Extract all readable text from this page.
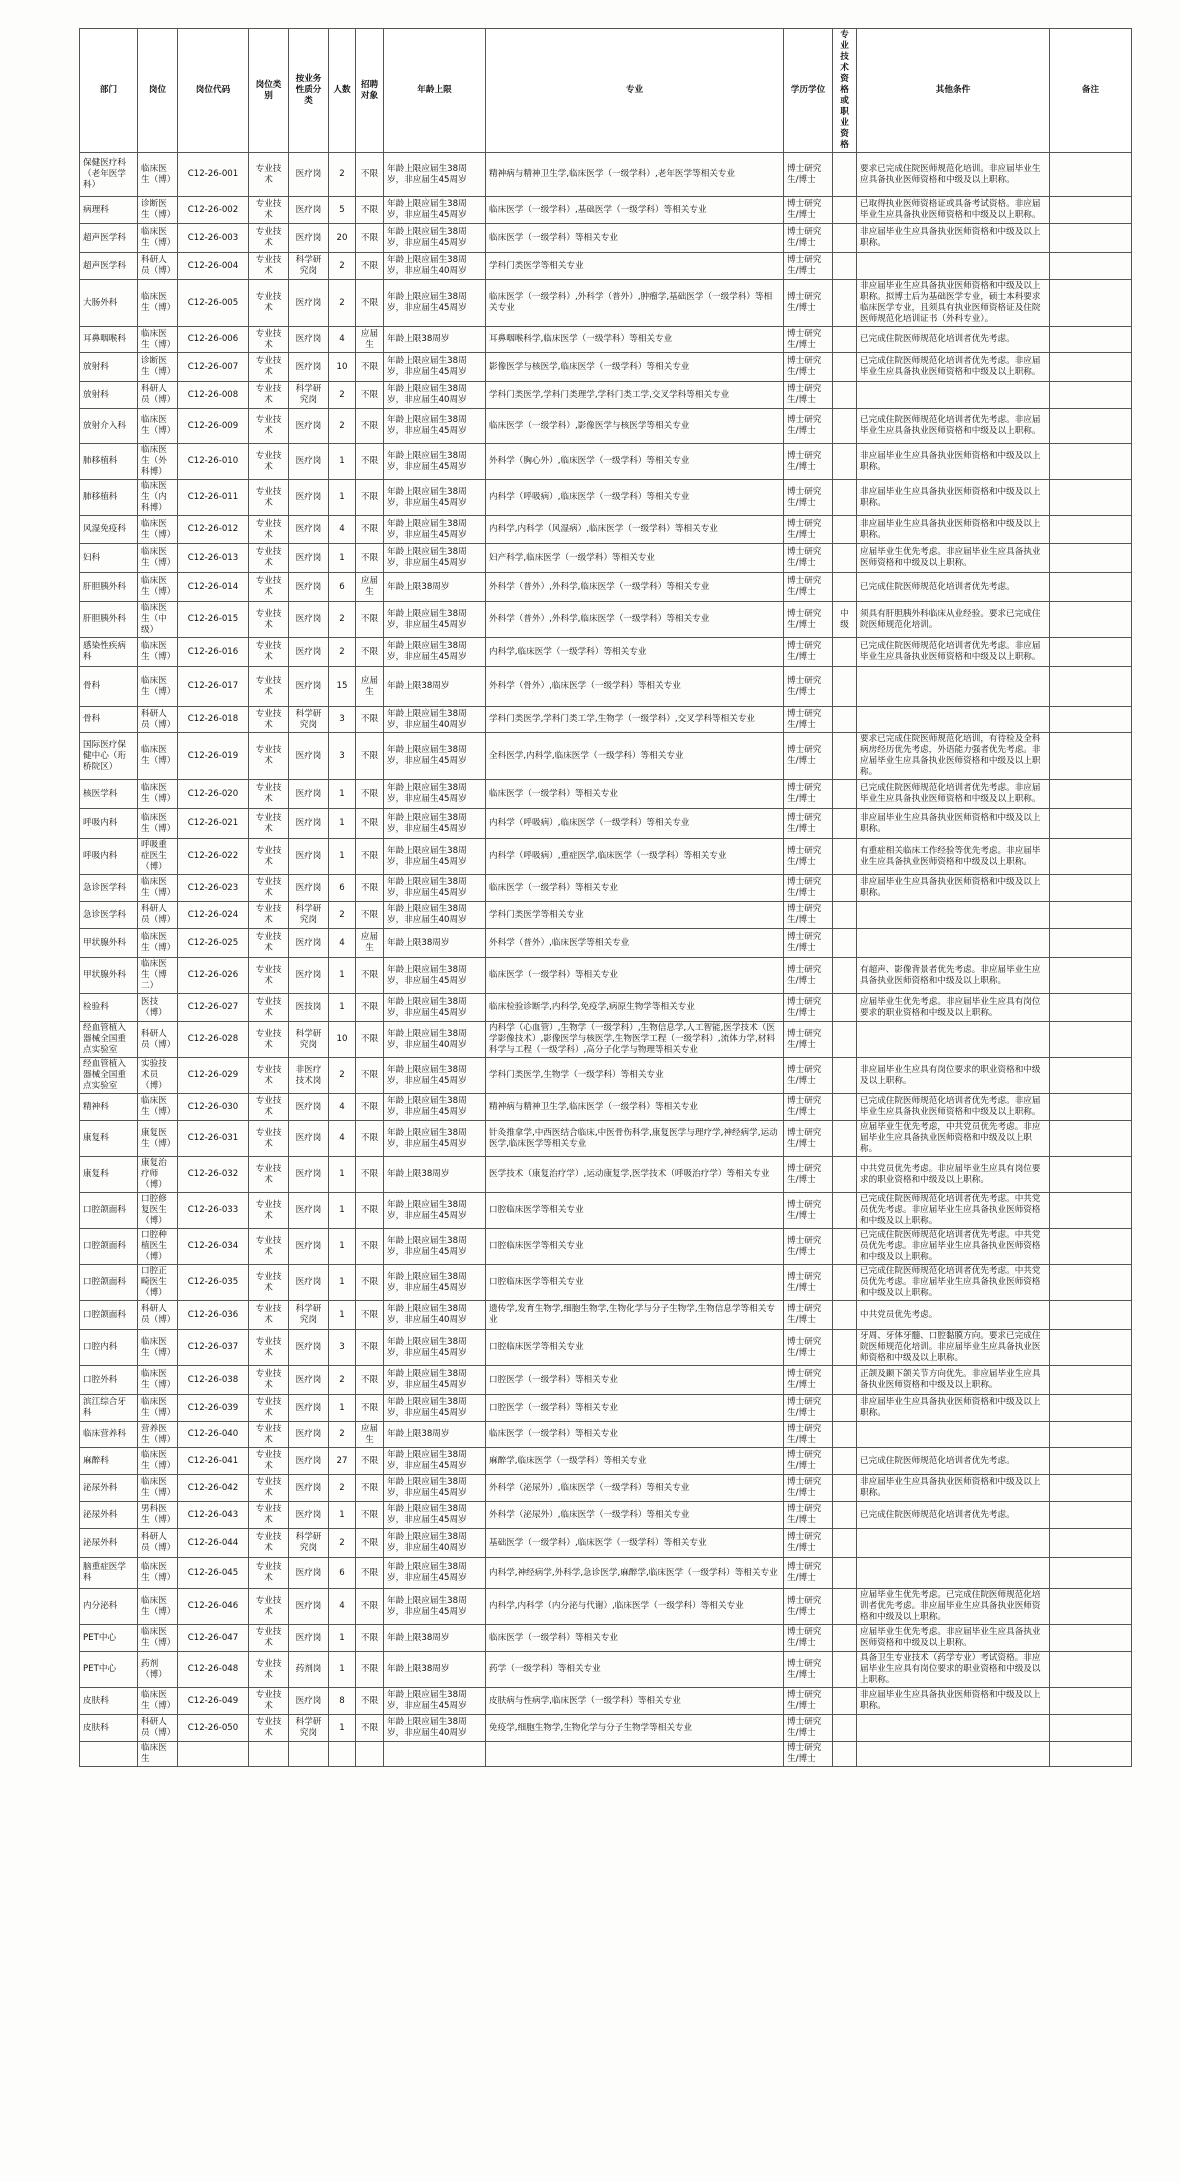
部门	岗位	岗位代码	岗位类别	按业务性质分类	人数	招聘对象	年龄上限	专业	学历学位	专业技术资格或职业资格	其他条件	备注
保健医疗科（老年医学科）	临床医生（博）	C12-26-001	专业技术	医疗岗	2	不限	年龄上限应届生38周岁，非应届生45周岁	精神病与精神卫生学,临床医学（一级学科）,老年医学等相关专业	博士研究生/博士		要求已完成住院医师规范化培训。非应届毕业生应具备执业医师资格和中级及以上职称。	
病理科	诊断医生（博）	C12-26-002	专业技术	医疗岗	5	不限	年龄上限应届生38周岁，非应届生45周岁	临床医学（一级学科）,基础医学（一级学科）等相关专业	博士研究生/博士		已取得执业医师资格证或具备考试资格。非应届毕业生应具备执业医师资格和中级及以上职称。	
超声医学科	临床医生（博）	C12-26-003	专业技术	医疗岗	20	不限	年龄上限应届生38周岁，非应届生45周岁	临床医学（一级学科）等相关专业	博士研究生/博士		非应届毕业生应具备执业医师资格和中级及以上职称。	
超声医学科	科研人员（博）	C12-26-004	专业技术	科学研究岗	2	不限	年龄上限应届生38周岁，非应届生40周岁	学科门类医学等相关专业	博士研究生/博士			
大肠外科	临床医生（博）	C12-26-005	专业技术	医疗岗	2	不限	年龄上限应届生38周岁，非应届生45周岁	临床医学（一级学科）,外科学（普外）,肿瘤学,基础医学（一级学科）等相关专业	博士研究生/博士		非应届毕业生应具备执业医师资格和中级及以上职称。拟博士后为基础医学专业，硕士本科要求临床医学专业，且须具有执业医师资格证及住院医师规范化培训证书（外科专业）。	
耳鼻咽喉科	临床医生（博）	C12-26-006	专业技术	医疗岗	4	应届生	年龄上限38周岁	耳鼻咽喉科学,临床医学（一级学科）等相关专业	博士研究生/博士		已完成住院医师规范化培训者优先考虑。	
放射科	诊断医生（博）	C12-26-007	专业技术	医疗岗	10	不限	年龄上限应届生38周岁，非应届生45周岁	影像医学与核医学,临床医学（一级学科）等相关专业	博士研究生/博士		已完成住院医师规范化培训者优先考虑。非应届毕业生应具备执业医师资格和中级及以上职称。	
放射科	科研人员（博）	C12-26-008	专业技术	科学研究岗	2	不限	年龄上限应届生38周岁，非应届生40周岁	学科门类医学,学科门类理学,学科门类工学,交叉学科等相关专业	博士研究生/博士			
放射介入科	临床医生（博）	C12-26-009	专业技术	医疗岗	2	不限	年龄上限应届生38周岁，非应届生45周岁	临床医学（一级学科）,影像医学与核医学等相关专业	博士研究生/博士		已完成住院医师规范化培训者优先考虑。非应届毕业生应具备执业医师资格和中级及以上职称。	
肺移植科	临床医生（外科博）	C12-26-010	专业技术	医疗岗	1	不限	年龄上限应届生38周岁，非应届生45周岁	外科学（胸心外）,临床医学（一级学科）等相关专业	博士研究生/博士		非应届毕业生应具备执业医师资格和中级及以上职称。	
肺移植科	临床医生（内科博）	C12-26-011	专业技术	医疗岗	1	不限	年龄上限应届生38周岁，非应届生45周岁	内科学（呼吸病）,临床医学（一级学科）等相关专业	博士研究生/博士		非应届毕业生应具备执业医师资格和中级及以上职称。	
风湿免疫科	临床医生（博）	C12-26-012	专业技术	医疗岗	4	不限	年龄上限应届生38周岁，非应届生45周岁	内科学,内科学（风湿病）,临床医学（一级学科）等相关专业	博士研究生/博士		非应届毕业生应具备执业医师资格和中级及以上职称。	
妇科	临床医生（博）	C12-26-013	专业技术	医疗岗	1	不限	年龄上限应届生38周岁，非应届生45周岁	妇产科学,临床医学（一级学科）等相关专业	博士研究生/博士		应届毕业生优先考虑。非应届毕业生应具备执业医师资格和中级及以上职称。	
肝胆胰外科	临床医生（博）	C12-26-014	专业技术	医疗岗	6	应届生	年龄上限38周岁	外科学（普外）,外科学,临床医学（一级学科）等相关专业	博士研究生/博士		已完成住院医师规范化培训者优先考虑。	
肝胆胰外科	临床医生（中级）	C12-26-015	专业技术	医疗岗	2	不限	年龄上限应届生38周岁，非应届生45周岁	外科学（普外）,外科学,临床医学（一级学科）等相关专业	博士研究生/博士	中级	须具有肝胆胰外科临床从业经验。要求已完成住院医师规范化培训。	
感染性疾病科	临床医生（博）	C12-26-016	专业技术	医疗岗	2	不限	年龄上限应届生38周岁，非应届生45周岁	内科学,临床医学（一级学科）等相关专业	博士研究生/博士		已完成住院医师规范化培训者优先考虑。非应届毕业生应具备执业医师资格和中级及以上职称。	
骨科	临床医生（博）	C12-26-017	专业技术	医疗岗	15	应届生	年龄上限38周岁	外科学（骨外）,临床医学（一级学科）等相关专业	博士研究生/博士			
骨科	科研人员（博）	C12-26-018	专业技术	科学研究岗	3	不限	年龄上限应届生38周岁，非应届生40周岁	学科门类医学,学科门类工学,生物学（一级学科）,交叉学科等相关专业	博士研究生/博士			
国际医疗保健中心（珩桥院区）	临床医生（博）	C12-26-019	专业技术	医疗岗	3	不限	年龄上限应届生38周岁，非应届生45周岁	全科医学,内科学,临床医学（一级学科）等相关专业	博士研究生/博士		要求已完成住院医师规范化培训，有待检及全科病房经历优先考虑，外语能力强者优先考虑。非应届毕业生应具备执业医师资格和中级及以上职称。	
核医学科	临床医生（博）	C12-26-020	专业技术	医疗岗	1	不限	年龄上限应届生38周岁，非应届生45周岁	临床医学（一级学科）等相关专业	博士研究生/博士		已完成住院医师规范化培训者优先考虑。非应届毕业生应具备执业医师资格和中级及以上职称。	
呼吸内科	临床医生（博）	C12-26-021	专业技术	医疗岗	1	不限	年龄上限应届生38周岁，非应届生45周岁	内科学（呼吸病）,临床医学（一级学科）等相关专业	博士研究生/博士		非应届毕业生应具备执业医师资格和中级及以上职称。	
呼吸内科	呼吸重症医生（博）	C12-26-022	专业技术	医疗岗	1	不限	年龄上限应届生38周岁，非应届生45周岁	内科学（呼吸病）,重症医学,临床医学（一级学科）等相关专业	博士研究生/博士		有重症相关临床工作经验等优先考虑。非应届毕业生应具备执业医师资格和中级及以上职称。	
急诊医学科	临床医生（博）	C12-26-023	专业技术	医疗岗	6	不限	年龄上限应届生38周岁，非应届生45周岁	临床医学（一级学科）等相关专业	博士研究生/博士		非应届毕业生应具备执业医师资格和中级及以上职称。	
急诊医学科	科研人员（博）	C12-26-024	专业技术	科学研究岗	2	不限	年龄上限应届生38周岁，非应届生40周岁	学科门类医学等相关专业	博士研究生/博士			
甲状腺外科	临床医生（博）	C12-26-025	专业技术	医疗岗	4	应届生	年龄上限38周岁	外科学（普外）,临床医学等相关专业	博士研究生/博士			
甲状腺外科	临床医生（博二）	C12-26-026	专业技术	医疗岗	1	不限	年龄上限应届生38周岁，非应届生45周岁	临床医学（一级学科）等相关专业	博士研究生/博士		有超声、影像背景者优先考虑。非应届毕业生应具备执业医师资格和中级及以上职称。	
检验科	医技（博）	C12-26-027	专业技术	医技岗	1	不限	年龄上限应届生38周岁，非应届生45周岁	临床检验诊断学,内科学,免疫学,病原生物学等相关专业	博士研究生/博士		应届毕业生优先考虑。非应届毕业生应具有岗位要求的职业资格和中级及以上职称。	
经血管植入器械全国重点实验室	科研人员（博）	C12-26-028	专业技术	科学研究岗	10	不限	年龄上限应届生38周岁，非应届生40周岁	内科学（心血管）,生物学（一级学科）,生物信息学,人工智能,医学技术（医学影像技术）,影像医学与核医学,生物医学工程（一级学科）,流体力学,材料科学与工程（一级学科）,高分子化学与物理等相关专业	博士研究生/博士			
经血管植入器械全国重点实验室	实验技术员（博）	C12-26-029	专业技术	非医疗技术岗	2	不限	年龄上限应届生38周岁，非应届生45周岁	学科门类医学,生物学（一级学科）等相关专业	博士研究生/博士		非应届毕业生应具有岗位要求的职业资格和中级及以上职称。	
精神科	临床医生（博）	C12-26-030	专业技术	医疗岗	4	不限	年龄上限应届生38周岁，非应届生45周岁	精神病与精神卫生学,临床医学（一级学科）等相关专业	博士研究生/博士		已完成住院医师规范化培训者优先考虑。非应届毕业生应具备执业医师资格和中级及以上职称。	
康复科	康复医生（博）	C12-26-031	专业技术	医疗岗	4	不限	年龄上限应届生38周岁，非应届生45周岁	针灸推拿学,中西医结合临床,中医骨伤科学,康复医学与理疗学,神经病学,运动医学,临床医学等相关专业	博士研究生/博士		应届毕业生优先考虑，中共党员优先考虑。非应届毕业生应具备执业医师资格和中级及以上职称。	
康复科	康复治疗师（博）	C12-26-032	专业技术	医疗岗	1	不限	年龄上限38周岁	医学技术（康复治疗学）,运动康复学,医学技术（呼吸治疗学）等相关专业	博士研究生/博士		中共党员优先考虑。非应届毕业生应具有岗位要求的职业资格和中级及以上职称。	
口腔颌面科	口腔修复医生（博）	C12-26-033	专业技术	医疗岗	1	不限	年龄上限应届生38周岁，非应届生45周岁	口腔临床医学等相关专业	博士研究生/博士		已完成住院医师规范化培训者优先考虑。中共党员优先考虑。非应届毕业生应具备执业医师资格和中级及以上职称。	
口腔颌面科	口腔种植医生（博）	C12-26-034	专业技术	医疗岗	1	不限	年龄上限应届生38周岁，非应届生45周岁	口腔临床医学等相关专业	博士研究生/博士		已完成住院医师规范化培训者优先考虑。中共党员优先考虑。非应届毕业生应具备执业医师资格和中级及以上职称。	
口腔颌面科	口腔正畸医生（博）	C12-26-035	专业技术	医疗岗	1	不限	年龄上限应届生38周岁，非应届生45周岁	口腔临床医学等相关专业	博士研究生/博士		已完成住院医师规范化培训者优先考虑。中共党员优先考虑。非应届毕业生应具备执业医师资格和中级及以上职称。	
口腔颌面科	科研人员（博）	C12-26-036	专业技术	科学研究岗	1	不限	年龄上限应届生38周岁，非应届生40周岁	遗传学,发育生物学,细胞生物学,生物化学与分子生物学,生物信息学等相关专业	博士研究生/博士		中共党员优先考虑。	
口腔内科	临床医生（博）	C12-26-037	专业技术	医疗岗	3	不限	年龄上限应届生38周岁，非应届生45周岁	口腔临床医学等相关专业	博士研究生/博士		牙周、牙体牙髓、口腔黏膜方向。要求已完成住院医师规范化培训。非应届毕业生应具备执业医师资格和中级及以上职称。	
口腔外科	临床医生（博）	C12-26-038	专业技术	医疗岗	2	不限	年龄上限应届生38周岁，非应届生45周岁	口腔医学（一级学科）等相关专业	博士研究生/博士		正颌及颞下颌关节方向优先。非应届毕业生应具备执业医师资格和中级及以上职称。	
滨江综合牙科	临床医生（博）	C12-26-039	专业技术	医疗岗	1	不限	年龄上限应届生38周岁，非应届生45周岁	口腔医学（一级学科）等相关专业	博士研究生/博士		非应届毕业生应具备执业医师资格和中级及以上职称。	
临床营养科	营养医生（博）	C12-26-040	专业技术	医疗岗	2	应届生	年龄上限38周岁	临床医学（一级学科）等相关专业	博士研究生/博士			
麻醉科	临床医生（博）	C12-26-041	专业技术	医疗岗	27	不限	年龄上限应届生38周岁，非应届生45周岁	麻醉学,临床医学（一级学科）等相关专业	博士研究生/博士		已完成住院医师规范化培训者优先考虑。	
泌尿外科	临床医生（博）	C12-26-042	专业技术	医疗岗	2	不限	年龄上限应届生38周岁，非应届生45周岁	外科学（泌尿外）,临床医学（一级学科）等相关专业	博士研究生/博士		非应届毕业生应具备执业医师资格和中级及以上职称。	
泌尿外科	男科医生（博）	C12-26-043	专业技术	医疗岗	1	不限	年龄上限应届生38周岁，非应届生45周岁	外科学（泌尿外）,临床医学（一级学科）等相关专业	博士研究生/博士		已完成住院医师规范化培训者优先考虑。	
泌尿外科	科研人员（博）	C12-26-044	专业技术	科学研究岗	2	不限	年龄上限应届生38周岁，非应届生40周岁	基础医学（一级学科）,临床医学（一级学科）等相关专业	博士研究生/博士			
脑重症医学科	临床医生（博）	C12-26-045	专业技术	医疗岗	6	不限	年龄上限应届生38周岁，非应届生45周岁	内科学,神经病学,外科学,急诊医学,麻醉学,临床医学（一级学科）等相关专业	博士研究生/博士			
内分泌科	临床医生（博）	C12-26-046	专业技术	医疗岗	4	不限	年龄上限应届生38周岁，非应届生45周岁	内科学,内科学（内分泌与代谢）,临床医学（一级学科）等相关专业	博士研究生/博士		应届毕业生优先考虑。已完成住院医师规范化培训者优先考虑。非应届毕业生应具备执业医师资格和中级及以上职称。	
PET中心	临床医生（博）	C12-26-047	专业技术	医疗岗	1	不限	年龄上限38周岁	临床医学（一级学科）等相关专业	博士研究生/博士		应届毕业生优先考虑。非应届毕业生应具备执业医师资格和中级及以上职称。	
PET中心	药剂（博）	C12-26-048	专业技术	药剂岗	1	不限	年龄上限38周岁	药学（一级学科）等相关专业	博士研究生/博士		具备卫生专业技术（药学专业）考试资格。非应届毕业生应具有岗位要求的职业资格和中级及以上职称。	
皮肤科	临床医生（博）	C12-26-049	专业技术	医疗岗	8	不限	年龄上限应届生38周岁，非应届生45周岁	皮肤病与性病学,临床医学（一级学科）等相关专业	博士研究生/博士		非应届毕业生应具备执业医师资格和中级及以上职称。	
皮肤科	科研人员（博）	C12-26-050	专业技术	科学研究岗	1	不限	年龄上限应届生38周岁，非应届生40周岁	免疫学,细胞生物学,生物化学与分子生物学等相关专业	博士研究生/博士			
	临床医生								博士研究生/博士			
